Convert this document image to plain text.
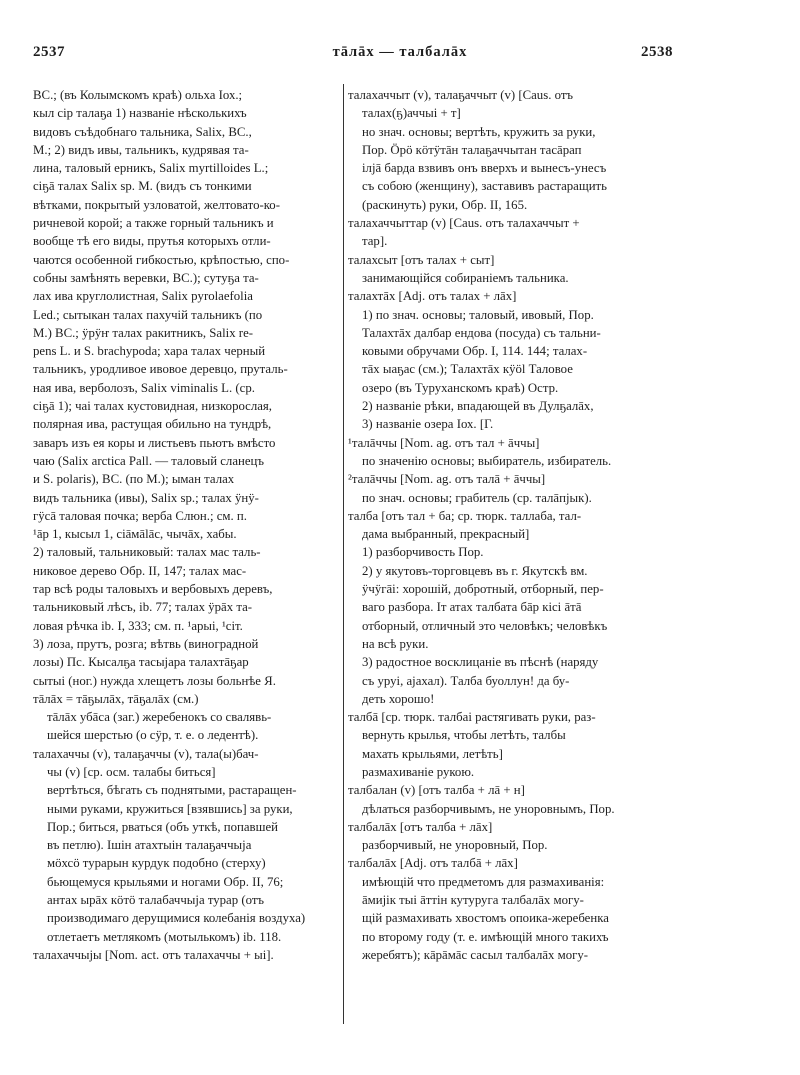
2537	тāлāх — талбалāх	2538

ВС.; (въ Колымскомъ краѣ) ольха Іох.;

кыл сір талаҕа 1) названіе нѣсколькихъ

видовъ съѣдобнаго тальника, Salix, ВС.,

М.; 2) видъ ивы, тальникъ, кудрявая та-

лина, таловый ерникъ, Salix myrtilloides L.;

сіҕā талах Salix sp. М. (видъ съ тонкими

вѣтками, покрытый узловатой, желтовато-ко-

ричневой корой; а также горный тальникъ и

вообще тѣ его виды, прутья которыхъ отли-

чаются особенной гибкостью, крѣпостью, спо-

собны замѣнять веревки, ВС.); сутуҕа та-

лах ива круглолистная, Salix pyrolaefolia

Led.; сытыкан талах пахучій тальникъ (по

М.) ВС.; ӱрӱҥ талах ракитникъ, Salix re-

pens L. и S. brachypoda; хара талах черный

тальникъ, уродливое ивовое деревцо, пруталь-

ная ива, верболозъ, Salix viminalis L. (ср.

сіҕā 1); чаі талах кустовидная, низкорослая,

полярная ива, растущая обильно на тундрѣ,

заваръ изъ ея коры и листьевъ пьютъ вмѣсто

чаю (Salix arctica Pall. — таловый сланецъ

и S. polaris), ВС. (по М.); ыман талах

видъ тальника (ивы), Salix sp.; талах ӱнӱ-

гӱсā таловая почка; верба Слюн.; см. п.

¹āр 1, кысыл 1, сіāмālāс, чычāх, хабы.

2) таловый, тальниковый: талах мас таль-

никовое дерево Обр. II, 147; талах мас-

тар всѣ роды таловыхъ и вербовыхъ деревъ,

тальниковый лѣсъ, ib. 77; талах ӱрāх та-

ловая рѣчка ib. I, 333; см. п. ¹арыі, ¹сіт.

3) лоза, прутъ, розга; вѣтвь (виноградной

лозы) Пс. Кысалҕа тасыjара талахтāҕар

сытыі (ног.) нужда хлещетъ лозы больнѣе Я.

тāлāх = тāҕылāх, тāҕалāх (см.)

тāлāх убāса (заг.) жеребенокъ со свалявь-

шейся шерстью (о сӱр, т. е. о ледентѣ).

талахаччы (v), талаҕаччы (v), тала(ы)бач-

чы (v) [ср. осм. талабы биться]

вертѣться, бѣгать съ поднятыми, растаращен-

ными руками, кружиться [взявшись] за руки,

Пор.; биться, рваться (объ уткѣ, попавшей

въ петлю). Ішін атахтыін талаҕаччыjа

мӧхсӧ турарын курдук подобно (стерху)

бьющемуся крыльями и ногами Обр. II, 76;

антах ырāх кӧтӧ талабаччыjа турар (отъ

производимаго дерущимися колебанія воздуха)

отлетаетъ метлякомъ (мотылькомъ) ib. 118.

талахаччыjы [Nom. act. отъ талахаччы + ыі].

талахаччыт (v), талаҕаччыт (v) [Caus. отъ

талах(ҕ)аччыі + т]

но знач. основы; вертѣть, кружить за руки,

Пор. Ӧрӧ кӧтӱтāн талаҕаччытан тасāрап

ілjā барда взвивъ онъ вверхъ и вынесъ-унесъ

съ собою (женщину), заставивъ растаращить

(раскинуть) руки, Обр. II, 165.

талахаччыттар (v) [Caus. отъ талахаччыт +

тар].

талахсыт [отъ талах + сыт]

занимающійся собираніемъ тальника.

талахтāх [Adj. отъ талах + лāх]

1) по знач. основы; таловый, ивовый, Пор.

Талахтāх далбар ендова (посуда) съ тальни-

ковыми обручами Обр. I, 114. 144; талах-

тāх ыаҕас (см.); Талахтāх кӱöl Таловое

озеро (въ Туруханскомъ краѣ) Остр.

2) названіе рѣки, впадающей въ Дулҕалāх,

3) названіе озера Іох. [Г.

¹талāччы [Nom. ag. отъ тал + āччы]

по значенію основы; выбиратель, избиратель.

²талāччы [Nom. ag. отъ талā + āччы]

по знач. основы; грабитель (ср. талāпјык).

талба [отъ тал + ба; ср. тюрк. таллаба, тал-

дама выбранный, прекрасный]

1) разборчивость Пор.

2) у якутовъ-торговцевъ въ г. Якутскѣ вм.

ӱчӱгāі: хорошій, добротный, отборный, пер-

ваго разбора. Іт атах талбата бāр кісі āтā

отборный, отличный это человѣкъ; человѣкъ

на всѣ руки.

3) радостное восклицаніе въ пѣснѣ (наряду

съ уруі, аjахал). Талба буоллун! да бу-

деть хорошо!

талбā [ср. тюрк. талбаі растягивать руки, раз-

вернуть крылья, чтобы летѣть, талбы

махать крыльями, летѣть]

размахиваніе рукою.

талбалан (v) [отъ талба + лā + н]

дѣлаться разборчивымъ, не уноровнымъ, Пор.

талбалāх [отъ талба + лāх]

разборчивый, не уноровный, Пор.

талбалāх [Adj. отъ талбā + лāх]

имѣющій что предметомъ для размахиванія:

āмијік тыі āттін кутуруга талбалāх могу-

щій размахивать хвостомъ опоика-жеребенка

по второму году (т. е. имѣющій много такихъ

жеребятъ); кāрāмāс сасыл талбалāх могу-
